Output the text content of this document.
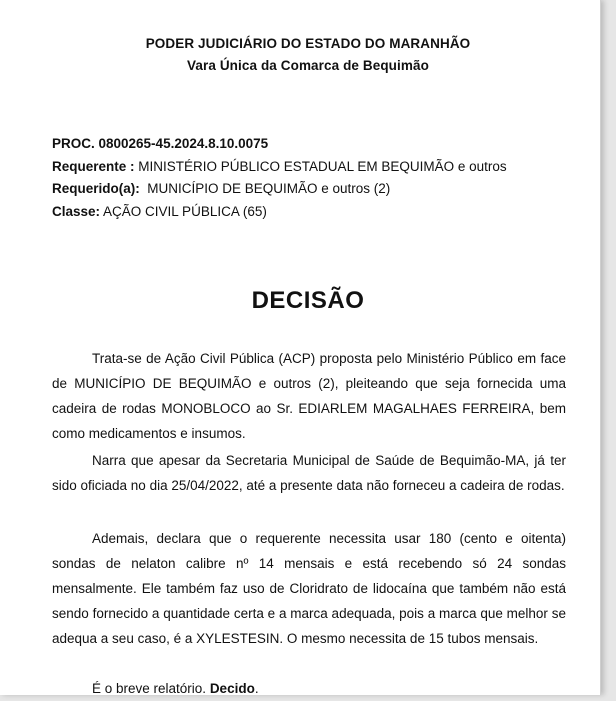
PODER JUDICIÁRIO DO ESTADO DO MARANHÃO
Vara Única da Comarca de Bequimão
PROC. 0800265-45.2024.8.10.0075
Requerente : MINISTÉRIO PÚBLICO ESTADUAL EM BEQUIMÃO e outros
Requerido(a):  MUNICÍPIO DE BEQUIMÃO e outros (2)
Classe: AÇÃO CIVIL PÚBLICA (65)
DECISÃO
Trata-se de Ação Civil Pública (ACP) proposta pelo Ministério Público em face de MUNICÍPIO DE BEQUIMÃO e outros (2), pleiteando que seja fornecida uma cadeira de rodas MONOBLOCO ao Sr. EDIARLEM MAGALHAES FERREIRA, bem como medicamentos e insumos.
Narra que apesar da Secretaria Municipal de Saúde de Bequimão-MA, já ter sido oficiada no dia 25/04/2022, até a presente data não forneceu a cadeira de rodas.
Ademais, declara que o requerente necessita usar 180 (cento e oitenta) sondas de nelaton calibre nº 14 mensais e está recebendo só 24 sondas mensalmente. Ele também faz uso de Cloridrato de lidocaína que também não está sendo fornecido a quantidade certa e a marca adequada, pois a marca que melhor se adequa a seu caso, é a XYLESTESIN. O mesmo necessita de 15 tubos mensais.
É o breve relatório. Decido.
